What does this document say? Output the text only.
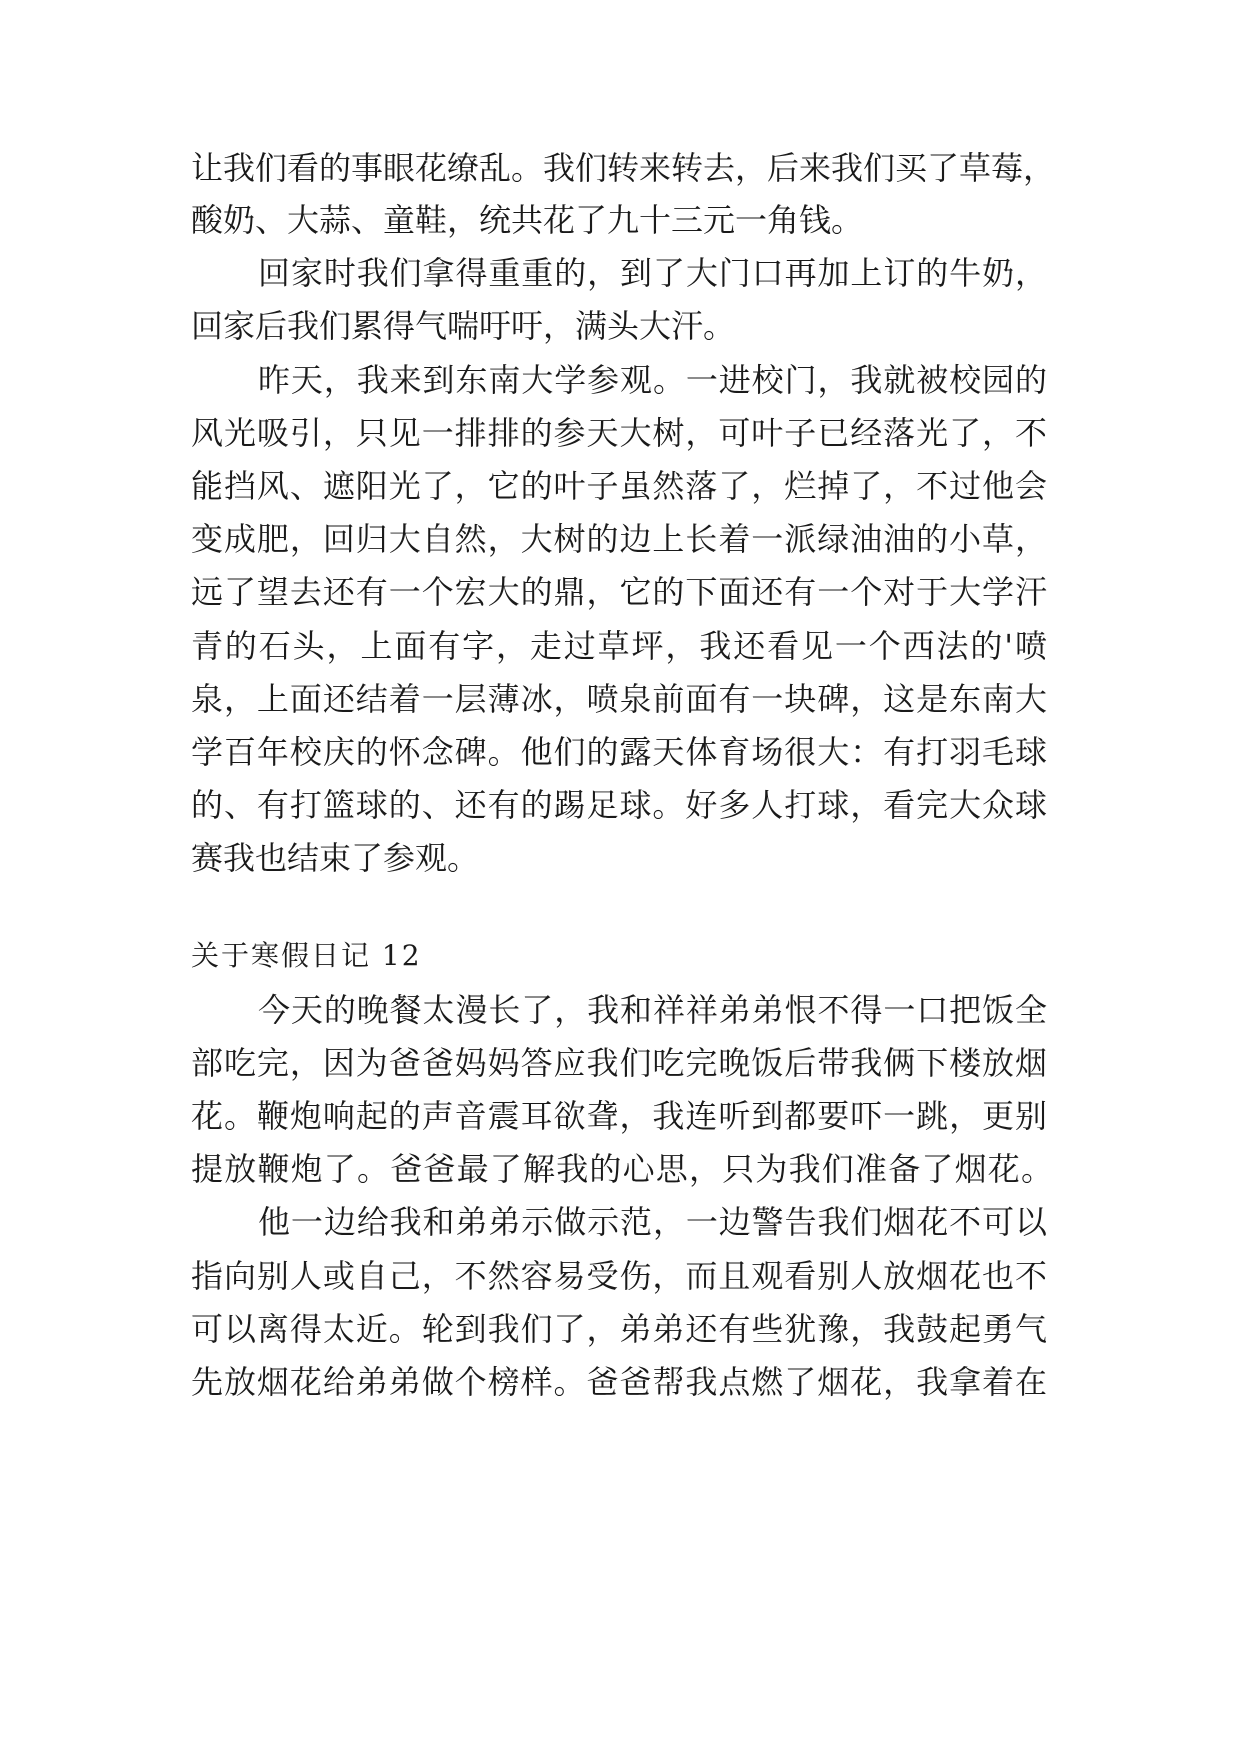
让我们看的事眼花缭乱。我们转来转去，后来我们买了草莓，
酸奶、大蒜、童鞋，统共花了九十三元一角钱。
回家时我们拿得重重的，到了大门口再加上订的牛奶，
回家后我们累得气喘吁吁，满头大汗。
昨天，我来到东南大学参观。一进校门，我就被校园的
风光吸引，只见一排排的参天大树，可叶子已经落光了，不
能挡风、遮阳光了，它的叶子虽然落了，烂掉了，不过他会
变成肥，回归大自然，大树的边上长着一派绿油油的小草，
远了望去还有一个宏大的鼎，它的下面还有一个对于大学汗
青的石头，上面有字，走过草坪，我还看见一个西法的'喷
泉，上面还结着一层薄冰，喷泉前面有一块碑，这是东南大
学百年校庆的怀念碑。他们的露天体育场很大：有打羽毛球
的、有打篮球的、还有的踢足球。好多人打球，看完大众球
赛我也结束了参观。
关于寒假日记 12
今天的晚餐太漫长了，我和祥祥弟弟恨不得一口把饭全
部吃完，因为爸爸妈妈答应我们吃完晚饭后带我俩下楼放烟
花。鞭炮响起的声音震耳欲聋，我连听到都要吓一跳，更别
提放鞭炮了。爸爸最了解我的心思，只为我们准备了烟花。
他一边给我和弟弟示做示范，一边警告我们烟花不可以
指向别人或自己，不然容易受伤，而且观看别人放烟花也不
可以离得太近。轮到我们了，弟弟还有些犹豫，我鼓起勇气
先放烟花给弟弟做个榜样。爸爸帮我点燃了烟花，我拿着在
